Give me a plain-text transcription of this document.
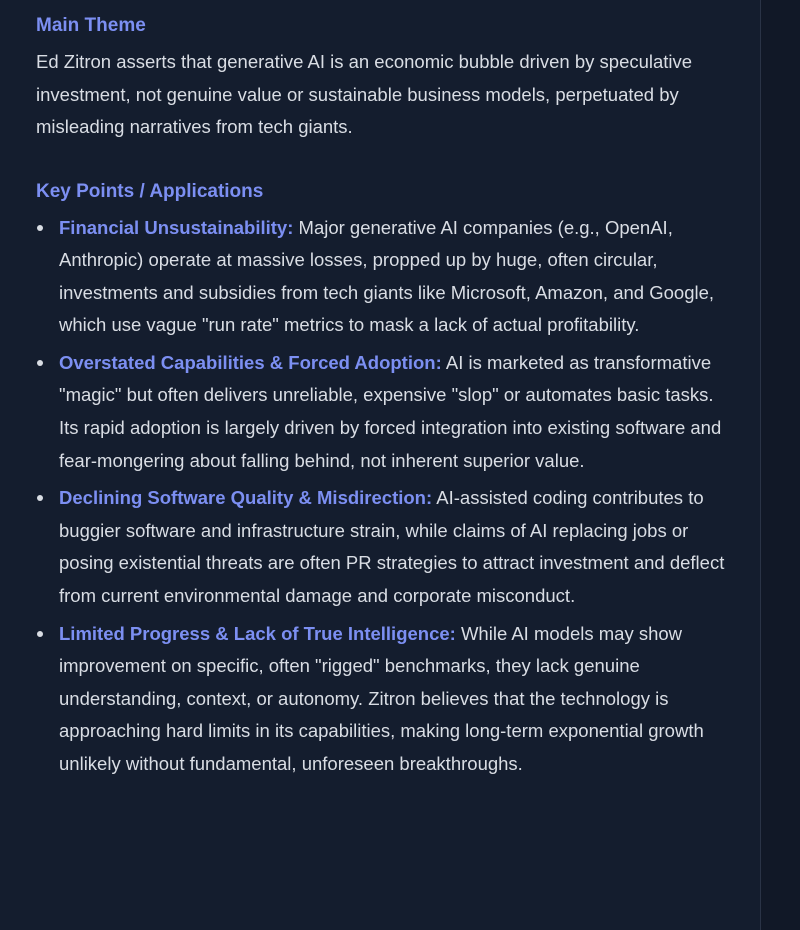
Main Theme

Ed Zitron asserts that generative AI is an economic bubble driven by speculative investment, not genuine value or sustainable business models, perpetuated by misleading narratives from tech giants.

Key Points / Applications
Financial Unsustainability: Major generative AI companies (e.g., OpenAI, Anthropic) operate at massive losses, propped up by huge, often circular, investments and subsidies from tech giants like Microsoft, Amazon, and Google, which use vague "run rate" metrics to mask a lack of actual profitability.
Overstated Capabilities & Forced Adoption: AI is marketed as transformative "magic" but often delivers unreliable, expensive "slop" or automates basic tasks. Its rapid adoption is largely driven by forced integration into existing software and fear-mongering about falling behind, not inherent superior value.
Declining Software Quality & Misdirection: AI-assisted coding contributes to buggier software and infrastructure strain, while claims of AI replacing jobs or posing existential threats are often PR strategies to attract investment and deflect from current environmental damage and corporate misconduct.
Limited Progress & Lack of True Intelligence: While AI models may show improvement on specific, often "rigged" benchmarks, they lack genuine understanding, context, or autonomy. Zitron believes that the technology is approaching hard limits in its capabilities, making long-term exponential growth unlikely without fundamental, unforeseen breakthroughs.
